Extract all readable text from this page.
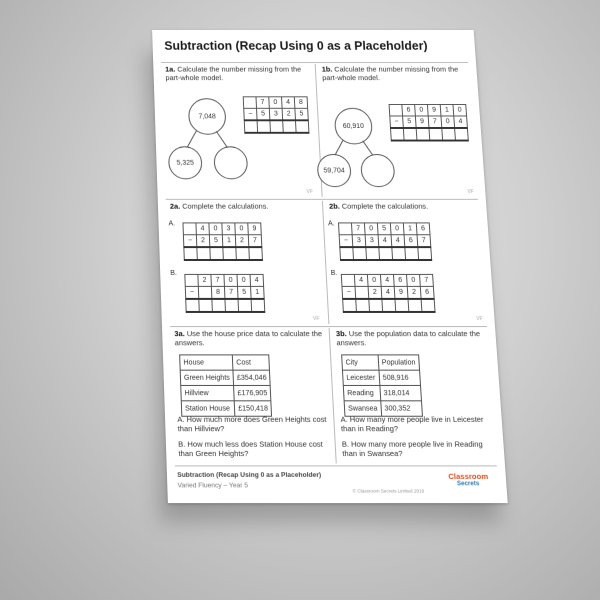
Subtraction (Recap Using 0 as a Placeholder)
1a. Calculate the number missing from the part-whole model.
7,048
5,325
	7	0	4	8
−	5	3	2	5

1b. Calculate the number missing from the part-whole model.
60,910
59,704
	6	0	9	1	0
−	5	9	7	0	4

2a. Complete the calculations.
A.
	4	0	3	0	9
−	2	5	1	2	7

B.
	2	7	0	0	4
−		8	7	5	1

2b. Complete the calculations.
A.
	7	0	5	0	1	6
−	3	3	4	4	6	7

B.
	4	0	4	6	0	7
−		2	4	9	2	6

3a. Use the house price data to calculate the answers.
House	Cost
Green Heights	£354,046
Hillview	£176,905
Station House	£150,418
A. How much more does Green Heights cost than Hillview?
B. How much less does Station House cost than Green Heights?
3b. Use the population data to calculate the answers.
City	Population
Leicester	508,916
Reading	318,014
Swansea	300,352
A. How many more people live in Leicester than in Reading?
B. How many more people live in Reading than in Swansea?
Subtraction (Recap Using 0 as a Placeholder)
Varied Fluency – Year 5
© Classroom Secrets Limited 2019
Classroom
Secrets
VF	VF
VF	VF
